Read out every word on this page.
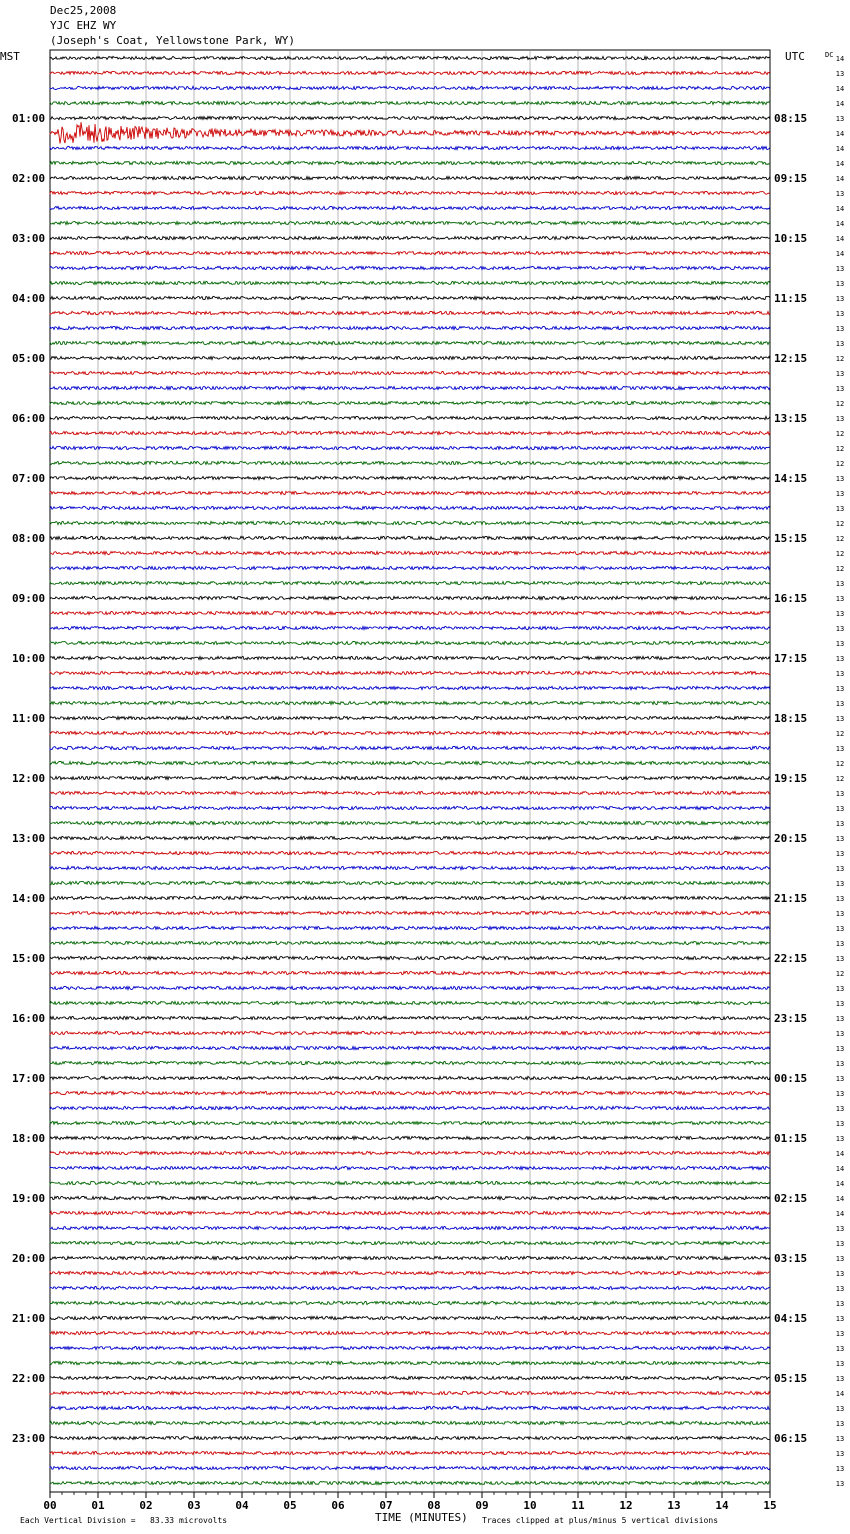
Dec25,2008
YJC EHZ WY
(Joseph's Coat, Yellowstone Park, WY)
MST	UTC	DC
00	01	02	03	04	05	06	07	08	09	10	11	12	13	14	15
14
13
14
14
13
01:00	08:15
14
14
14
14
02:00	09:15
13
14
14
14
03:00	10:15
14
13
13
13
04:00	11:15
13
13
13
12
05:00	12:15
13
13
12
13
06:00	13:15
12
12
12
13
07:00	14:15
13
13
12
12
08:00	15:15
12
12
13
13
09:00	16:15
13
13
13
13
10:00	17:15
13
13
13
13
11:00	18:15
12
13
12
12
12:00	19:15
13
13
13
13
13:00	20:15
13
13
13
13
14:00	21:15
13
13
13
13
15:00	22:15
12
13
13
13
16:00	23:15
13
13
13
13
17:00	00:15
13
13
13
13
18:00	01:15
14
14
14
14
19:00	02:15
14
13
13
13
20:00	03:15
13
13
13
13
21:00	04:15
13
13
13
13
22:00	05:15
14
13
13
13
23:00	06:15
13
13
13
Each Vertical Division =   83.33 microvolts	TIME (MINUTES) Traces clipped at plus/minus 5 vertical divisions
